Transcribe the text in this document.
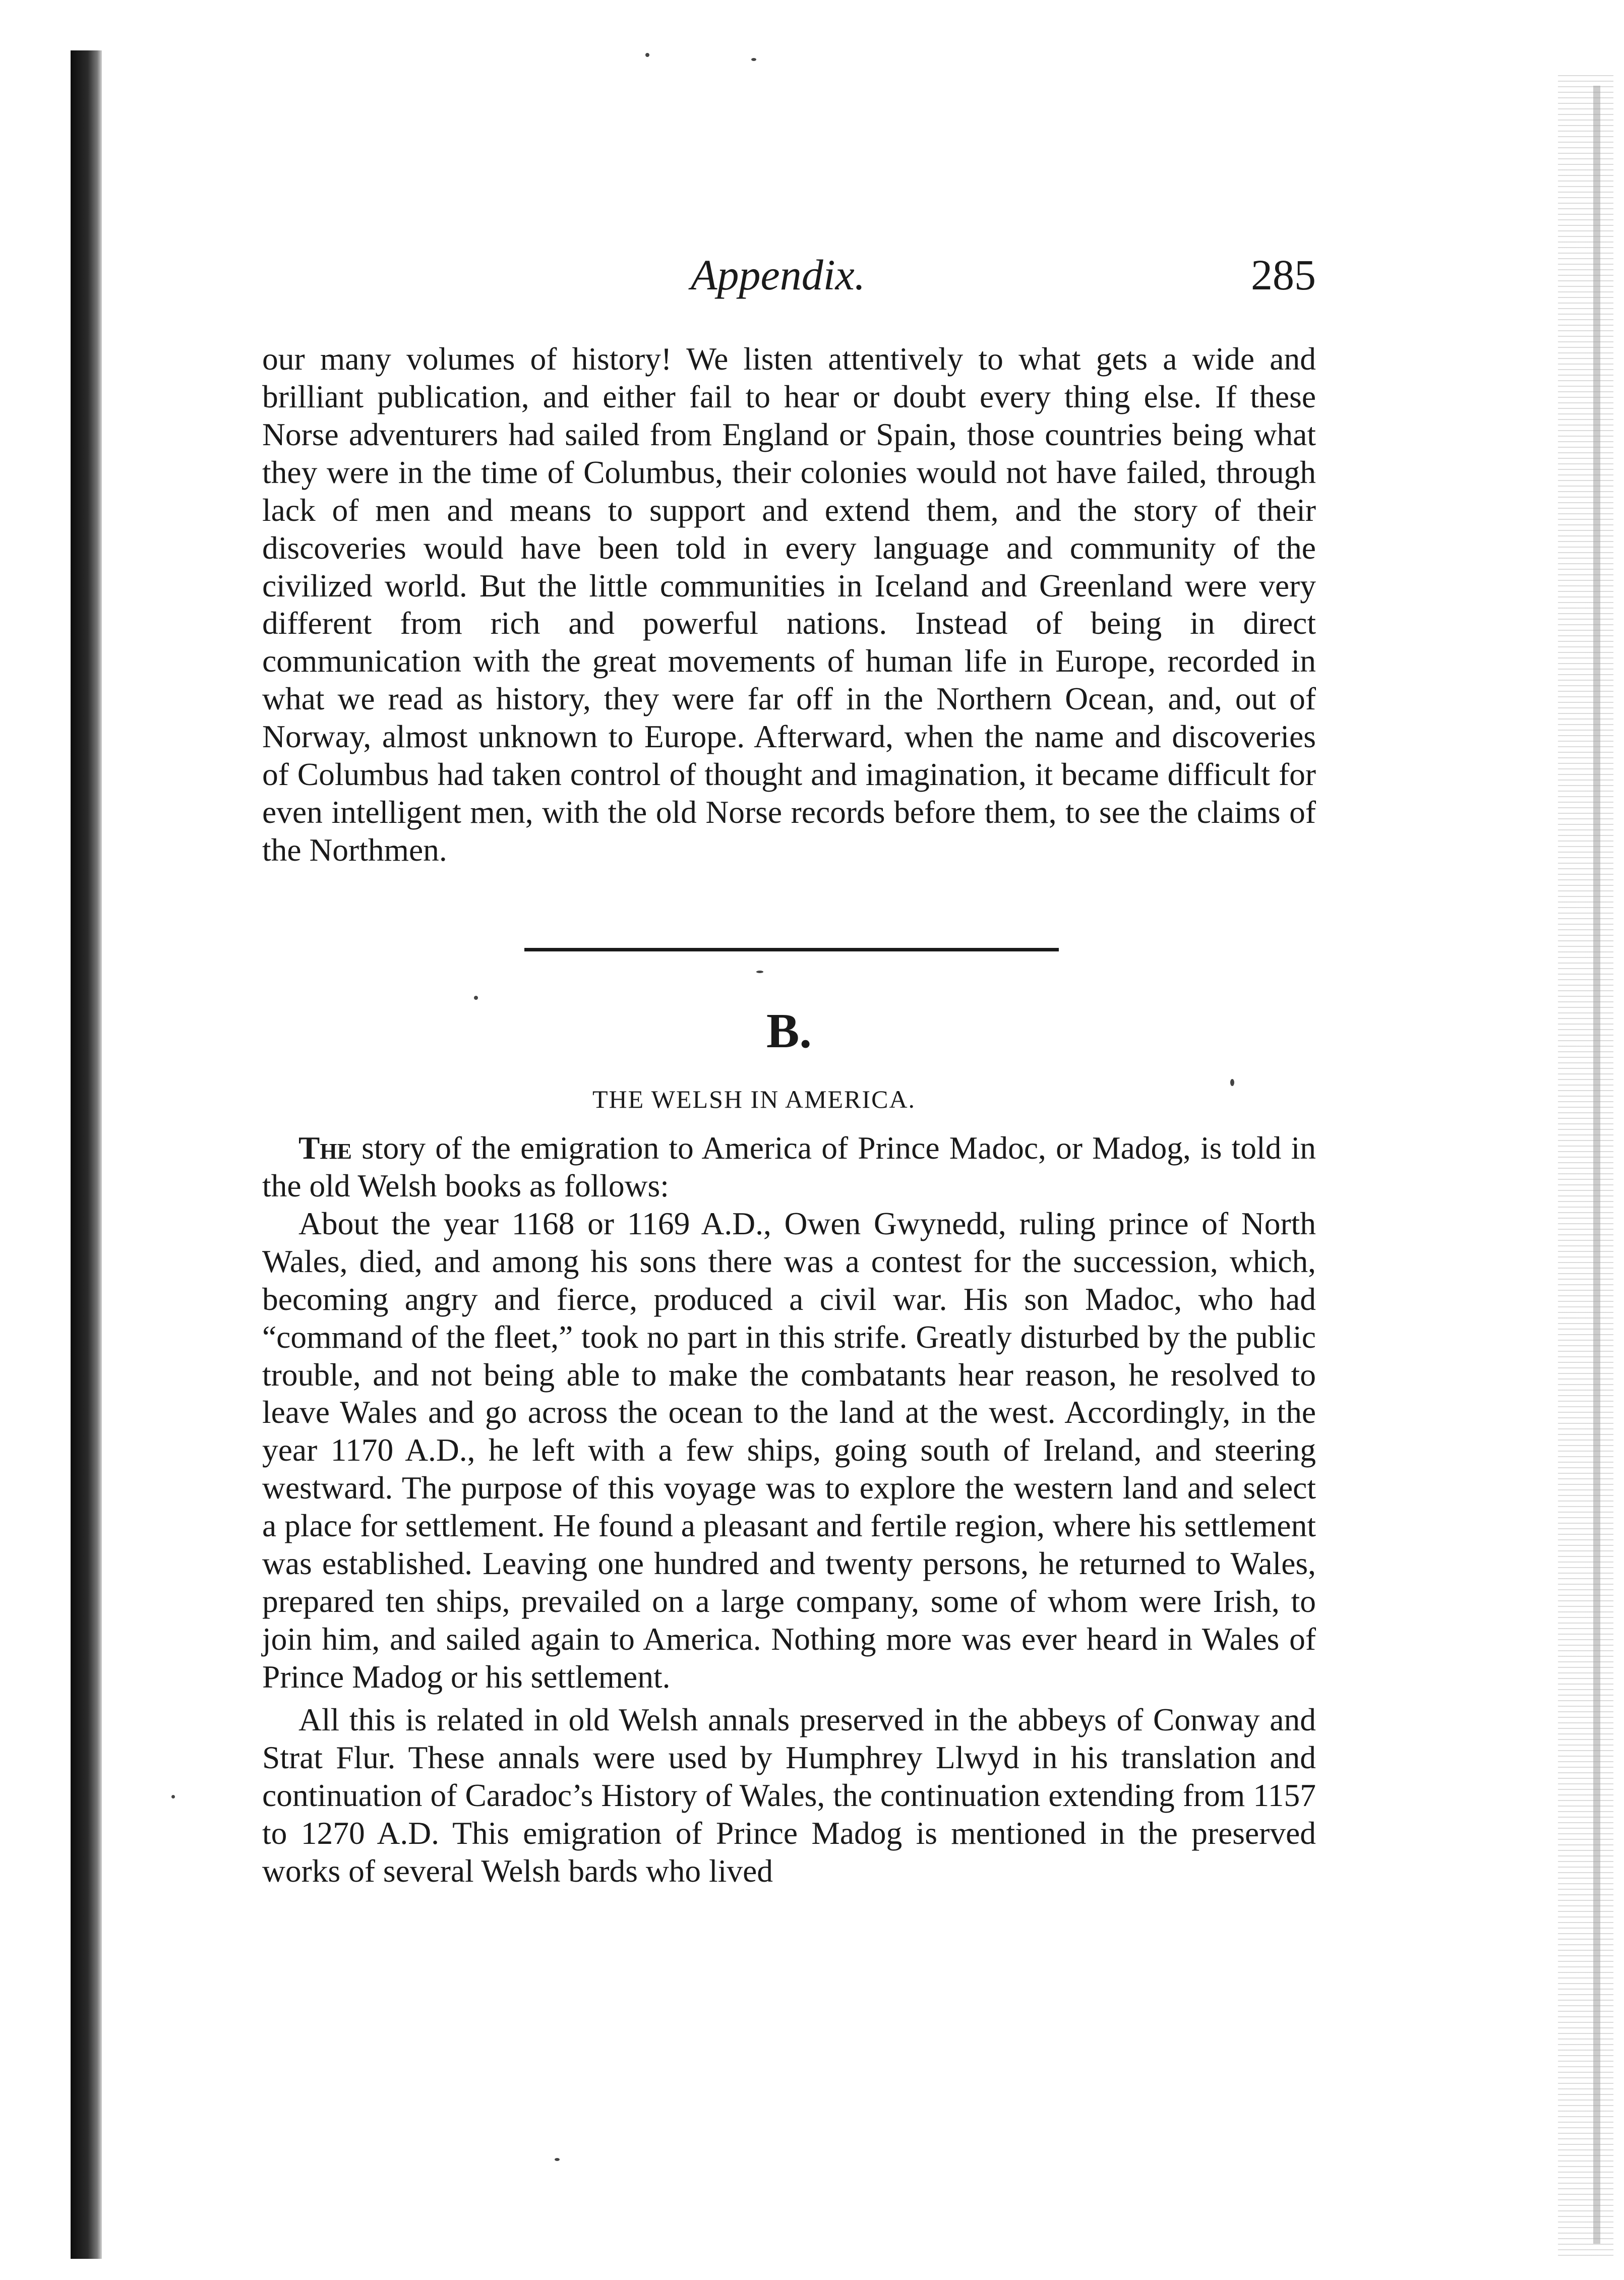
Appendix.	285

our many volumes of history! We listen attentively to what gets a wide and brilliant publication, and either fail to hear or doubt every thing else. If these Norse adventurers had sailed from England or Spain, those countries being what they were in the time of Columbus, their colonies would not have failed, through lack of men and means to support and extend them, and the story of their discoveries would have been told in every language and community of the civilized world. But the little communities in Iceland and Greenland were very different from rich and powerful nations. Instead of being in direct communication with the great movements of human life in Europe, recorded in what we read as history, they were far off in the Northern Ocean, and, out of Norway, almost unknown to Europe. Afterward, when the name and discoveries of Columbus had taken control of thought and imagination, it became difficult for even intelligent men, with the old Norse records before them, to see the claims of the Northmen.

B.
THE WELSH IN AMERICA.

The story of the emigration to America of Prince Madoc, or Madog, is told in the old Welsh books as follows:

About the year 1168 or 1169 A.D., Owen Gwynedd, ruling prince of North Wales, died, and among his sons there was a contest for the succession, which, becoming angry and fierce, produced a civil war. His son Madoc, who had “command of the fleet,” took no part in this strife. Greatly disturbed by the public trouble, and not being able to make the combatants hear reason, he resolved to leave Wales and go across the ocean to the land at the west. Accordingly, in the year 1170 A.D., he left with a few ships, going south of Ireland, and steering westward. The purpose of this voyage was to explore the western land and select a place for settlement. He found a pleasant and fertile region, where his settlement was established. Leaving one hundred and twenty persons, he returned to Wales, prepared ten ships, prevailed on a large company, some of whom were Irish, to join him, and sailed again to America. Nothing more was ever heard in Wales of Prince Madog or his settlement.

All this is related in old Welsh annals preserved in the abbeys of Conway and Strat Flur. These annals were used by Humphrey Llwyd in his translation and continuation of Caradoc’s History of Wales, the continuation extending from 1157 to 1270 A.D. This emigration of Prince Madog is mentioned in the preserved works of several Welsh bards who lived
